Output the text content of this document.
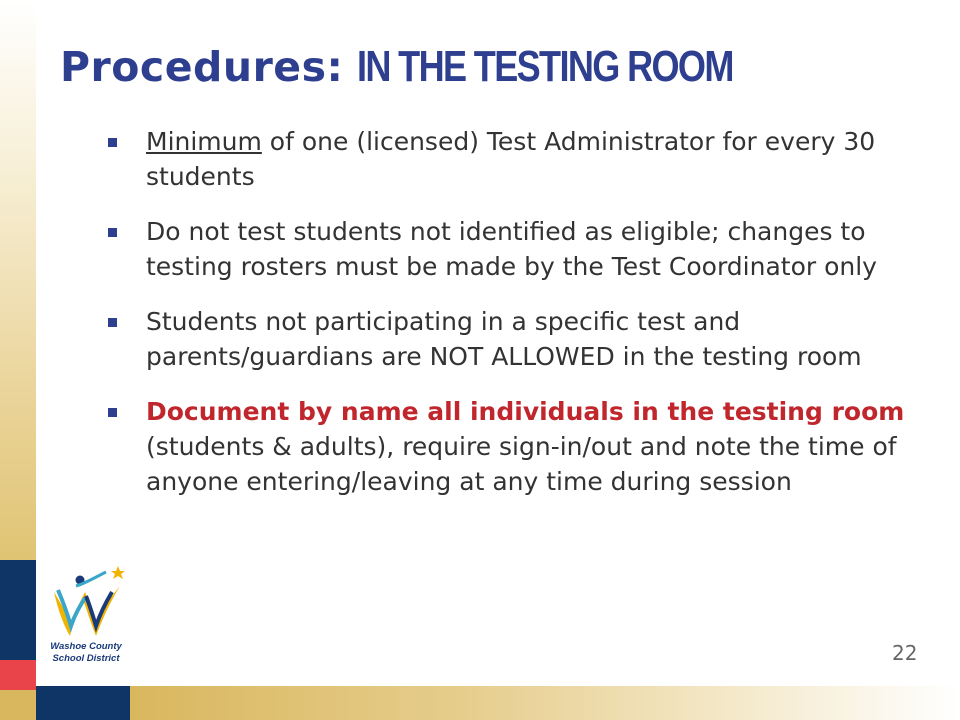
Procedures: IN THE TESTING ROOM
Minimum of one (licensed) Test Administrator for every 30 students
Do not test students not identified as eligible; changes to testing rosters must be made by the Test Coordinator only
Students not participating in a specific test and parents/guardians are NOT ALLOWED in the testing room
Document by name all individuals in the testing room (students & adults), require sign-in/out and note the time of anyone entering/leaving at any time during session
Washoe County
School District	22
